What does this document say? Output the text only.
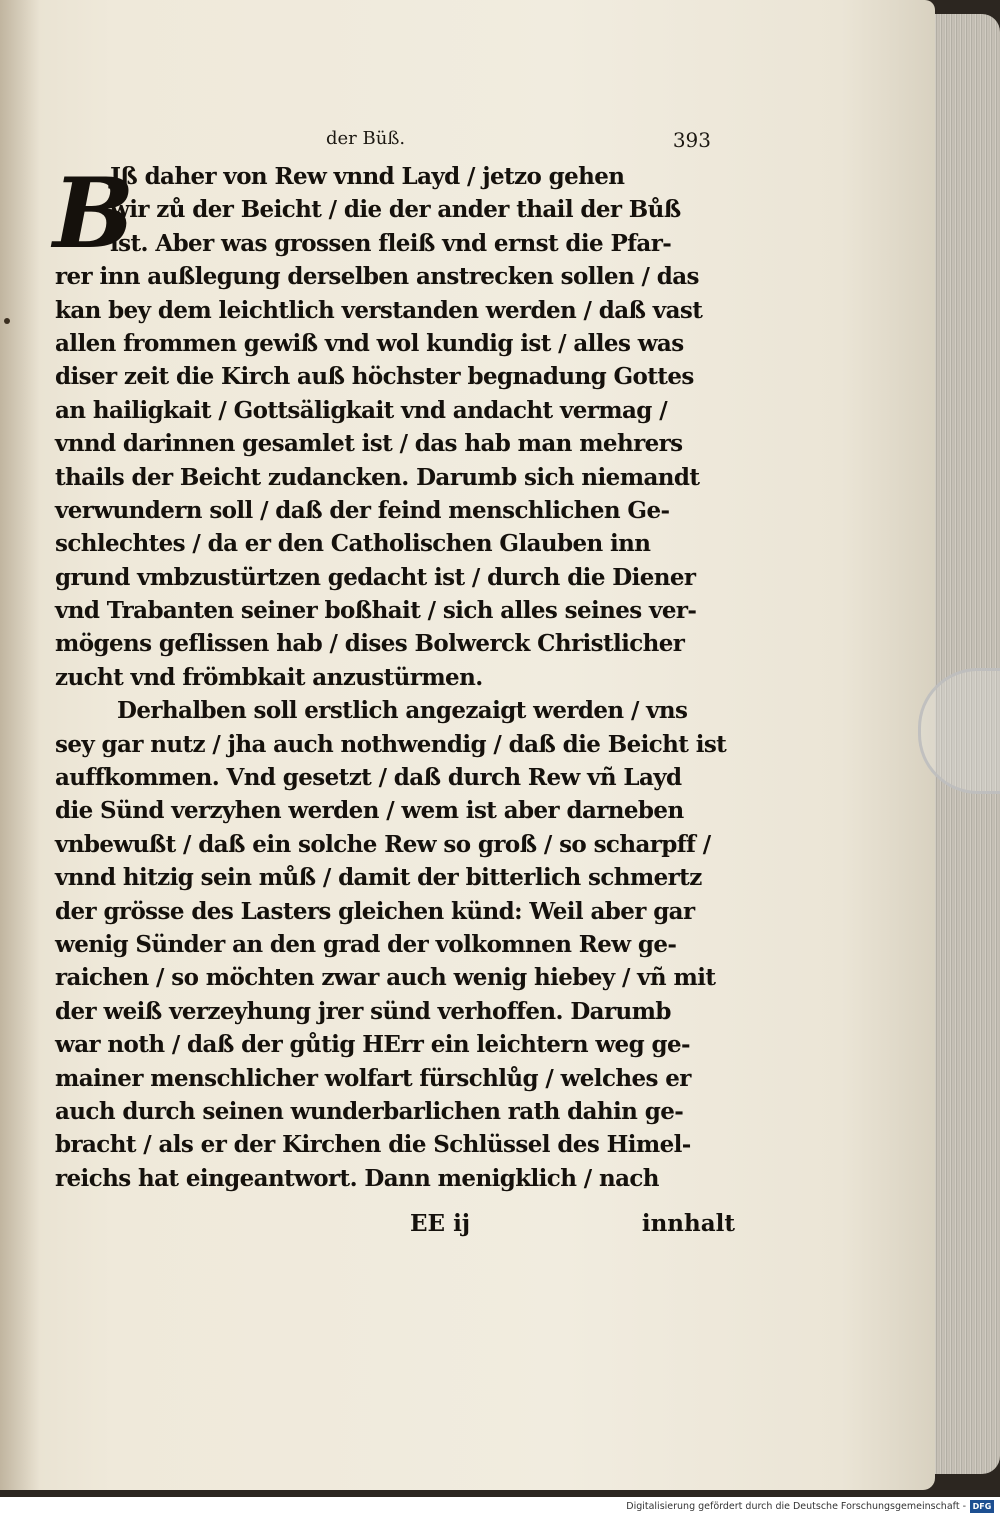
der Büß.	393
B
Jß daher von Rew vnnd Layd / jetzo gehen
wir zů der Beicht / die der ander thail der Bůß
ist. Aber was grossen fleiß vnd ernst die Pfar-
rer inn außlegung derselben anstrecken sollen / das
kan bey dem leichtlich verstanden werden / daß vast
allen frommen gewiß vnd wol kundig ist / alles was
diser zeit die Kirch auß höchster begnadung Gottes
an hailigkait / Gottsäligkait vnd andacht vermag /
vnnd darinnen gesamlet ist / das hab man mehrers
thails der Beicht zudancken. Darumb sich niemandt
verwundern soll / daß der feind menschlichen Ge-
schlechtes / da er den Catholischen Glauben inn
grund vmbzustürtzen gedacht ist / durch die Diener
vnd Trabanten seiner boßhait / sich alles seines ver-
mögens geflissen hab / dises Bolwerck Christlicher
zucht vnd frömbkait anzustürmen.
Derhalben soll erstlich angezaigt werden / vns
sey gar nutz / jha auch nothwendig / daß die Beicht ist
auffkommen. Vnd gesetzt / daß durch Rew vñ Layd
die Sünd verzyhen werden / wem ist aber darneben
vnbewußt / daß ein solche Rew so groß / so scharpff /
vnnd hitzig sein můß / damit der bitterlich schmertz
der grösse des Lasters gleichen künd: Weil aber gar
wenig Sünder an den grad der volkomnen Rew ge-
raichen / so möchten zwar auch wenig hiebey / vñ mit
der weiß verzeyhung jrer sünd verhoffen. Darumb
war noth / daß der gůtig HErr ein leichtern weg ge-
mainer menschlicher wolfart fürschlůg / welches er
auch durch seinen wunderbarlichen rath dahin ge-
bracht / als er der Kirchen die Schlüssel des Himel-
reichs hat eingeantwort. Dann menigklich / nach
EE ij	innhalt
Digitalisierung gefördert durch die Deutsche Forschungsgemeinschaft - DFG
